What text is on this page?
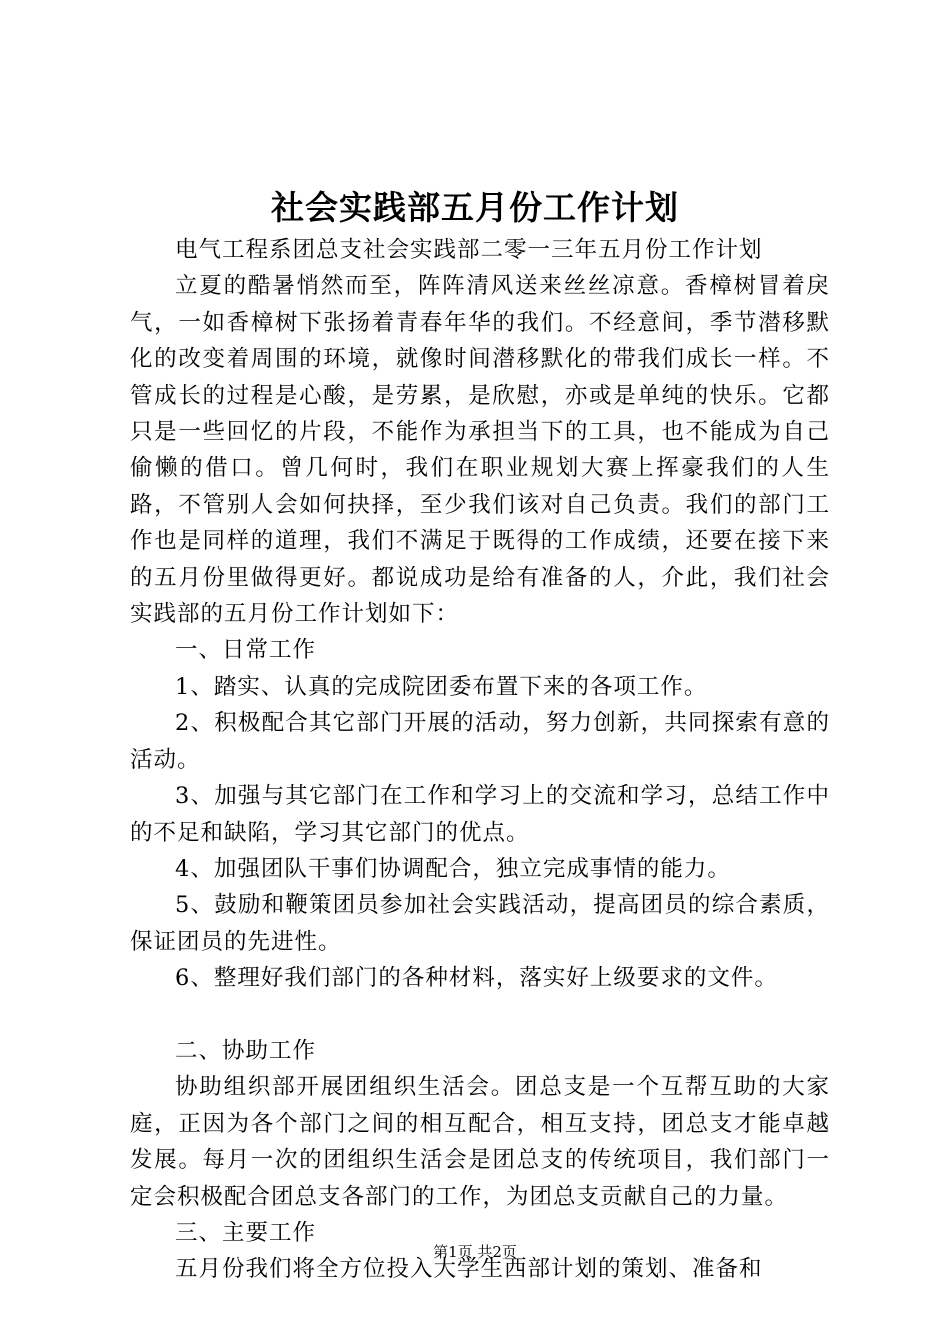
社会实践部五月份工作计划

电气工程系团总支社会实践部二零一三年五月份工作计划

立夏的酷暑悄然而至，阵阵清风送来丝丝凉意。香樟树冒着戾气，一如香樟树下张扬着青春年华的我们。不经意间，季节潜移默化的改变着周围的环境，就像时间潜移默化的带我们成长一样。不管成长的过程是心酸，是劳累，是欣慰，亦或是单纯的快乐。它都只是一些回忆的片段，不能作为承担当下的工具，也不能成为自己偷懒的借口。曾几何时，我们在职业规划大赛上挥豪我们的人生路，不管别人会如何抉择，至少我们该对自己负责。我们的部门工作也是同样的道理，我们不满足于既得的工作成绩，还要在接下来的五月份里做得更好。都说成功是给有准备的人，介此，我们社会实践部的五月份工作计划如下：

一、日常工作

1、踏实、认真的完成院团委布置下来的各项工作。

2、积极配合其它部门开展的活动，努力创新，共同探索有意的活动。

3、加强与其它部门在工作和学习上的交流和学习，总结工作中的不足和缺陷，学习其它部门的优点。

4、加强团队干事们协调配合，独立完成事情的能力。

5、鼓励和鞭策团员参加社会实践活动，提高团员的综合素质，保证团员的先进性。

6、整理好我们部门的各种材料，落实好上级要求的文件。

二、协助工作

协助组织部开展团组织生活会。团总支是一个互帮互助的大家庭，正因为各个部门之间的相互配合，相互支持，团总支才能卓越发展。每月一次的团组织生活会是团总支的传统项目，我们部门一定会积极配合团总支各部门的工作，为团总支贡献自己的力量。

三、主要工作

五月份我们将全方位投入大学生西部计划的策划、准备和

第1页 共2页
